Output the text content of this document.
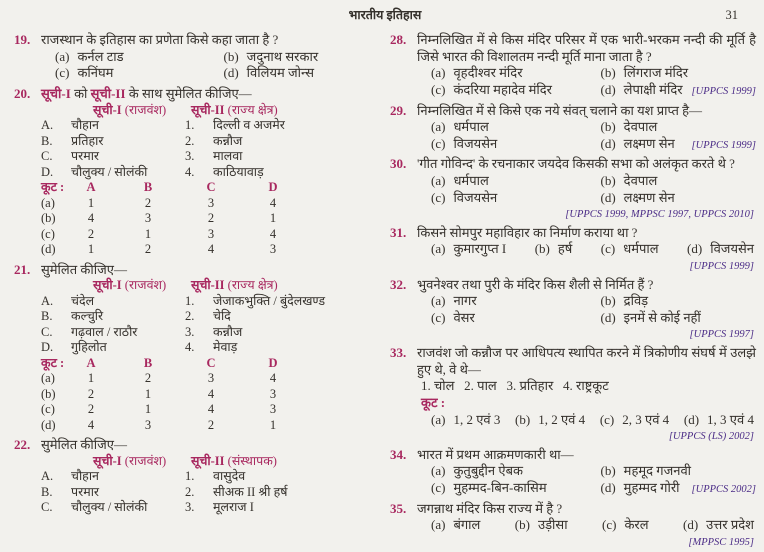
भारतीय इतिहास	31
19. राजस्थान के इतिहास का प्रणेता किसे कहा जाता है ?
(a) कर्नल टाड	(b) जदुनाथ सरकार
(c) कनिंघम	(d) विलियम जोन्स
20. सूची-I को सूची-II के साथ सुमेलित कीजिए—
सूची-I (राजवंश)	सूची-II (राज्य क्षेत्र)
A.	चौहान	1.	दिल्ली व अजमेर
B.	प्रतिहार	2.	कन्नौज
C.	परमार	3.	मालवा
D.	चौलुक्य / सोलंकी	4.	काठियावाड़
कूट :	A	B	C	D
(a)	1	2	3	4
(b)	4	3	2	1
(c)	2	1	3	4
(d)	1	2	4	3
21. सुमेलित कीजिए—
सूची-I (राजवंश)	सूची-II (राज्य क्षेत्र)
A.	चंदेल	1.	जेजाकभुक्ति / बुंदेलखण्ड
B.	कल्चुरि	2.	चेदि
C.	गढ़वाल / राठौर	3.	कन्नौज
D.	गुहिलोत	4.	मेवाड़
कूट :	A	B	C	D
(a)	1	2	3	4
(b)	2	1	4	3
(c)	2	1	4	3
(d)	4	3	2	1
22. सुमेलित कीजिए—
सूची-I (राजवंश)	सूची-II (संस्थापक)
A.	चौहान	1.	वासुदेव
B.	परमार	2.	सीअक II श्री हर्ष
C.	चौलुक्य / सोलंकी	3.	मूलराज I
28. निम्नलिखित में से किस मंदिर परिसर में एक भारी-भरकम नन्दी की मूर्ति है जिसे भारत की विशालतम नन्दी मूर्ति माना जाता है ?
(a) वृहदीश्वर मंदिर	(b) लिंगराज मंदिर
(c) कंदरिया महादेव मंदिर	(d) लेपाक्षी मंदिर [UPPCS 1999]
29. निम्नलिखित में से किसे एक नये संवत् चलाने का यश प्राप्त है—
(a) धर्मपाल	(b) देवपाल
(c) विजयसेन	(d) लक्ष्मण सेन	[UPPCS 1999]
30. 'गीत गोविन्द' के रचनाकार जयदेव किसकी सभा को अलंकृत करते थे ?
(a) धर्मपाल	(b) देवपाल
(c) विजयसेन	(d) लक्ष्मण सेन
[UPPCS 1999, MPPSC 1997, UPPCS 2010]
31. किसने सोमपुर महाविहार का निर्माण कराया था ?
(a) कुमारगुप्त I (b) हर्ष (c) धर्मपाल (d) विजयसेन
[UPPCS 1999]
32. भुवनेश्वर तथा पुरी के मंदिर किस शैली से निर्मित हैं ?
(a) नागर	(b) द्रविड़
(c) वेसर	(d) इनमें से कोई नहीं
[UPPCS 1997]
33. राजवंश जो कन्नौज पर आधिपत्य स्थापित करने में त्रिकोणीय संघर्ष में उलझे हुए थे, वे थे—
1. चोल   2. पाल   3. प्रतिहार   4. राष्ट्रकूट
कूट :
(a) 1, 2 एवं 3 (b) 1, 2 एवं 4 (c) 2, 3 एवं 4 (d) 1, 3 एवं 4
[UPPCS (LS) 2002]
34. भारत में प्रथम आक्रमणकारी था—
(a) कुतुबुद्दीन ऐबक	(b) महमूद गजनवी
(c) मुहम्मद-बिन-कासिम	(d) मुहम्मद गोरी	[UPPCS 2002]
35. जगन्नाथ मंदिर किस राज्य में है ?
(a) बंगाल	(b) उड़ीसा	(c) केरल	(d) उत्तर प्रदेश
[MPPSC 1995]
